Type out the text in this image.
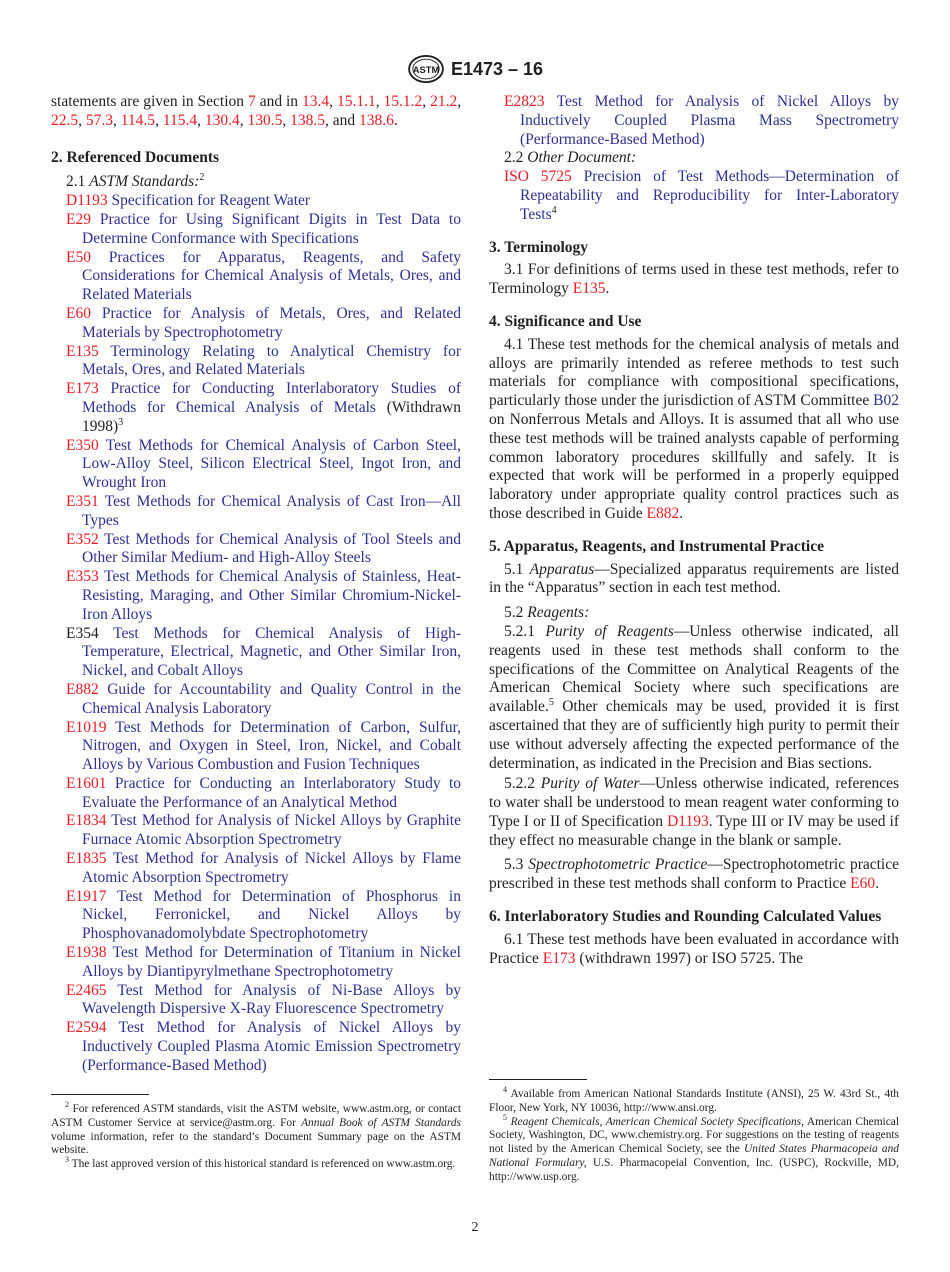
ASTM E1473 – 16

statements are given in Section 7 and in 13.4, 15.1.1, 15.1.2, 21.2, 22.5, 57.3, 114.5, 115.4, 130.4, 130.5, 138.5, and 138.6.

2. Referenced Documents
2.1 ASTM Standards:$^2$
D1193 Specification for Reagent Water
E29 Practice for Using Significant Digits in Test Data to Determine Conformance with Specifications
E50 Practices for Apparatus, Reagents, and Safety Considerations for Chemical Analysis of Metals, Ores, and Related Materials
E60 Practice for Analysis of Metals, Ores, and Related Materials by Spectrophotometry
E135 Terminology Relating to Analytical Chemistry for Metals, Ores, and Related Materials
E173 Practice for Conducting Interlaboratory Studies of Methods for Chemical Analysis of Metals (Withdrawn 1998)$^3$
E350 Test Methods for Chemical Analysis of Carbon Steel, Low-Alloy Steel, Silicon Electrical Steel, Ingot Iron, and Wrought Iron
E351 Test Methods for Chemical Analysis of Cast Iron—All Types
E352 Test Methods for Chemical Analysis of Tool Steels and Other Similar Medium- and High-Alloy Steels
E353 Test Methods for Chemical Analysis of Stainless, Heat-Resisting, Maraging, and Other Similar Chromium-Nickel-Iron Alloys
E354 Test Methods for Chemical Analysis of High-Temperature, Electrical, Magnetic, and Other Similar Iron, Nickel, and Cobalt Alloys
E882 Guide for Accountability and Quality Control in the Chemical Analysis Laboratory
E1019 Test Methods for Determination of Carbon, Sulfur, Nitrogen, and Oxygen in Steel, Iron, Nickel, and Cobalt Alloys by Various Combustion and Fusion Techniques
E1601 Practice for Conducting an Interlaboratory Study to Evaluate the Performance of an Analytical Method
E1834 Test Method for Analysis of Nickel Alloys by Graphite Furnace Atomic Absorption Spectrometry
E1835 Test Method for Analysis of Nickel Alloys by Flame Atomic Absorption Spectrometry
E1917 Test Method for Determination of Phosphorus in Nickel, Ferronickel, and Nickel Alloys by Phosphovanadomolybdate Spectrophotometry
E1938 Test Method for Determination of Titanium in Nickel Alloys by Diantipyrylmethane Spectrophotometry
E2465 Test Method for Analysis of Ni-Base Alloys by Wavelength Dispersive X-Ray Fluorescence Spectrometry
E2594 Test Method for Analysis of Nickel Alloys by Inductively Coupled Plasma Atomic Emission Spectrometry (Performance-Based Method)
E2823 Test Method for Analysis of Nickel Alloys by Inductively Coupled Plasma Mass Spectrometry (Performance-Based Method)
2.2 Other Document:
ISO 5725 Precision of Test Methods—Determination of Repeatability and Reproducibility for Inter-Laboratory Tests$^4$
3. Terminology

3.1 For definitions of terms used in these test methods, refer to Terminology E135.

4. Significance and Use

4.1 These test methods for the chemical analysis of metals and alloys are primarily intended as referee methods to test such materials for compliance with compositional specifications, particularly those under the jurisdiction of ASTM Committee B02 on Nonferrous Metals and Alloys. It is assumed that all who use these test methods will be trained analysts capable of performing common laboratory procedures skillfully and safely. It is expected that work will be performed in a properly equipped laboratory under appropriate quality control practices such as those described in Guide E882.

5. Apparatus, Reagents, and Instrumental Practice

5.1 Apparatus—Specialized apparatus requirements are listed in the “Apparatus” section in each test method.

5.2 Reagents:

5.2.1 Purity of Reagents—Unless otherwise indicated, all reagents used in these test methods shall conform to the specifications of the Committee on Analytical Reagents of the American Chemical Society where such specifications are available.$^5$ Other chemicals may be used, provided it is first ascertained that they are of sufficiently high purity to permit their use without adversely affecting the expected performance of the determination, as indicated in the Precision and Bias sections.

5.2.2 Purity of Water—Unless otherwise indicated, references to water shall be understood to mean reagent water conforming to Type I or II of Specification D1193. Type III or IV may be used if they effect no measurable change in the blank or sample.

5.3 Spectrophotometric Practice—Spectrophotometric practice prescribed in these test methods shall conform to Practice E60.

6. Interlaboratory Studies and Rounding Calculated Values

6.1 These test methods have been evaluated in accordance with Practice E173 (withdrawn 1997) or ISO 5725. The

$^2$ For referenced ASTM standards, visit the ASTM website, www.astm.org, or contact ASTM Customer Service at service@astm.org. For Annual Book of ASTM Standards volume information, refer to the standard’s Document Summary page on the ASTM website.

$^3$ The last approved version of this historical standard is referenced on www.astm.org.

$^4$ Available from American National Standards Institute (ANSI), 25 W. 43rd St., 4th Floor, New York, NY 10036, http://www.ansi.org.

$^5$ Reagent Chemicals, American Chemical Society Specifications, American Chemical Society, Washington, DC, www.chemistry.org. For suggestions on the testing of reagents not listed by the American Chemical Society, see the United States Pharmacopeia and National Formulary, U.S. Pharmacopeial Convention, Inc. (USPC), Rockville, MD, http://www.usp.org.

2
